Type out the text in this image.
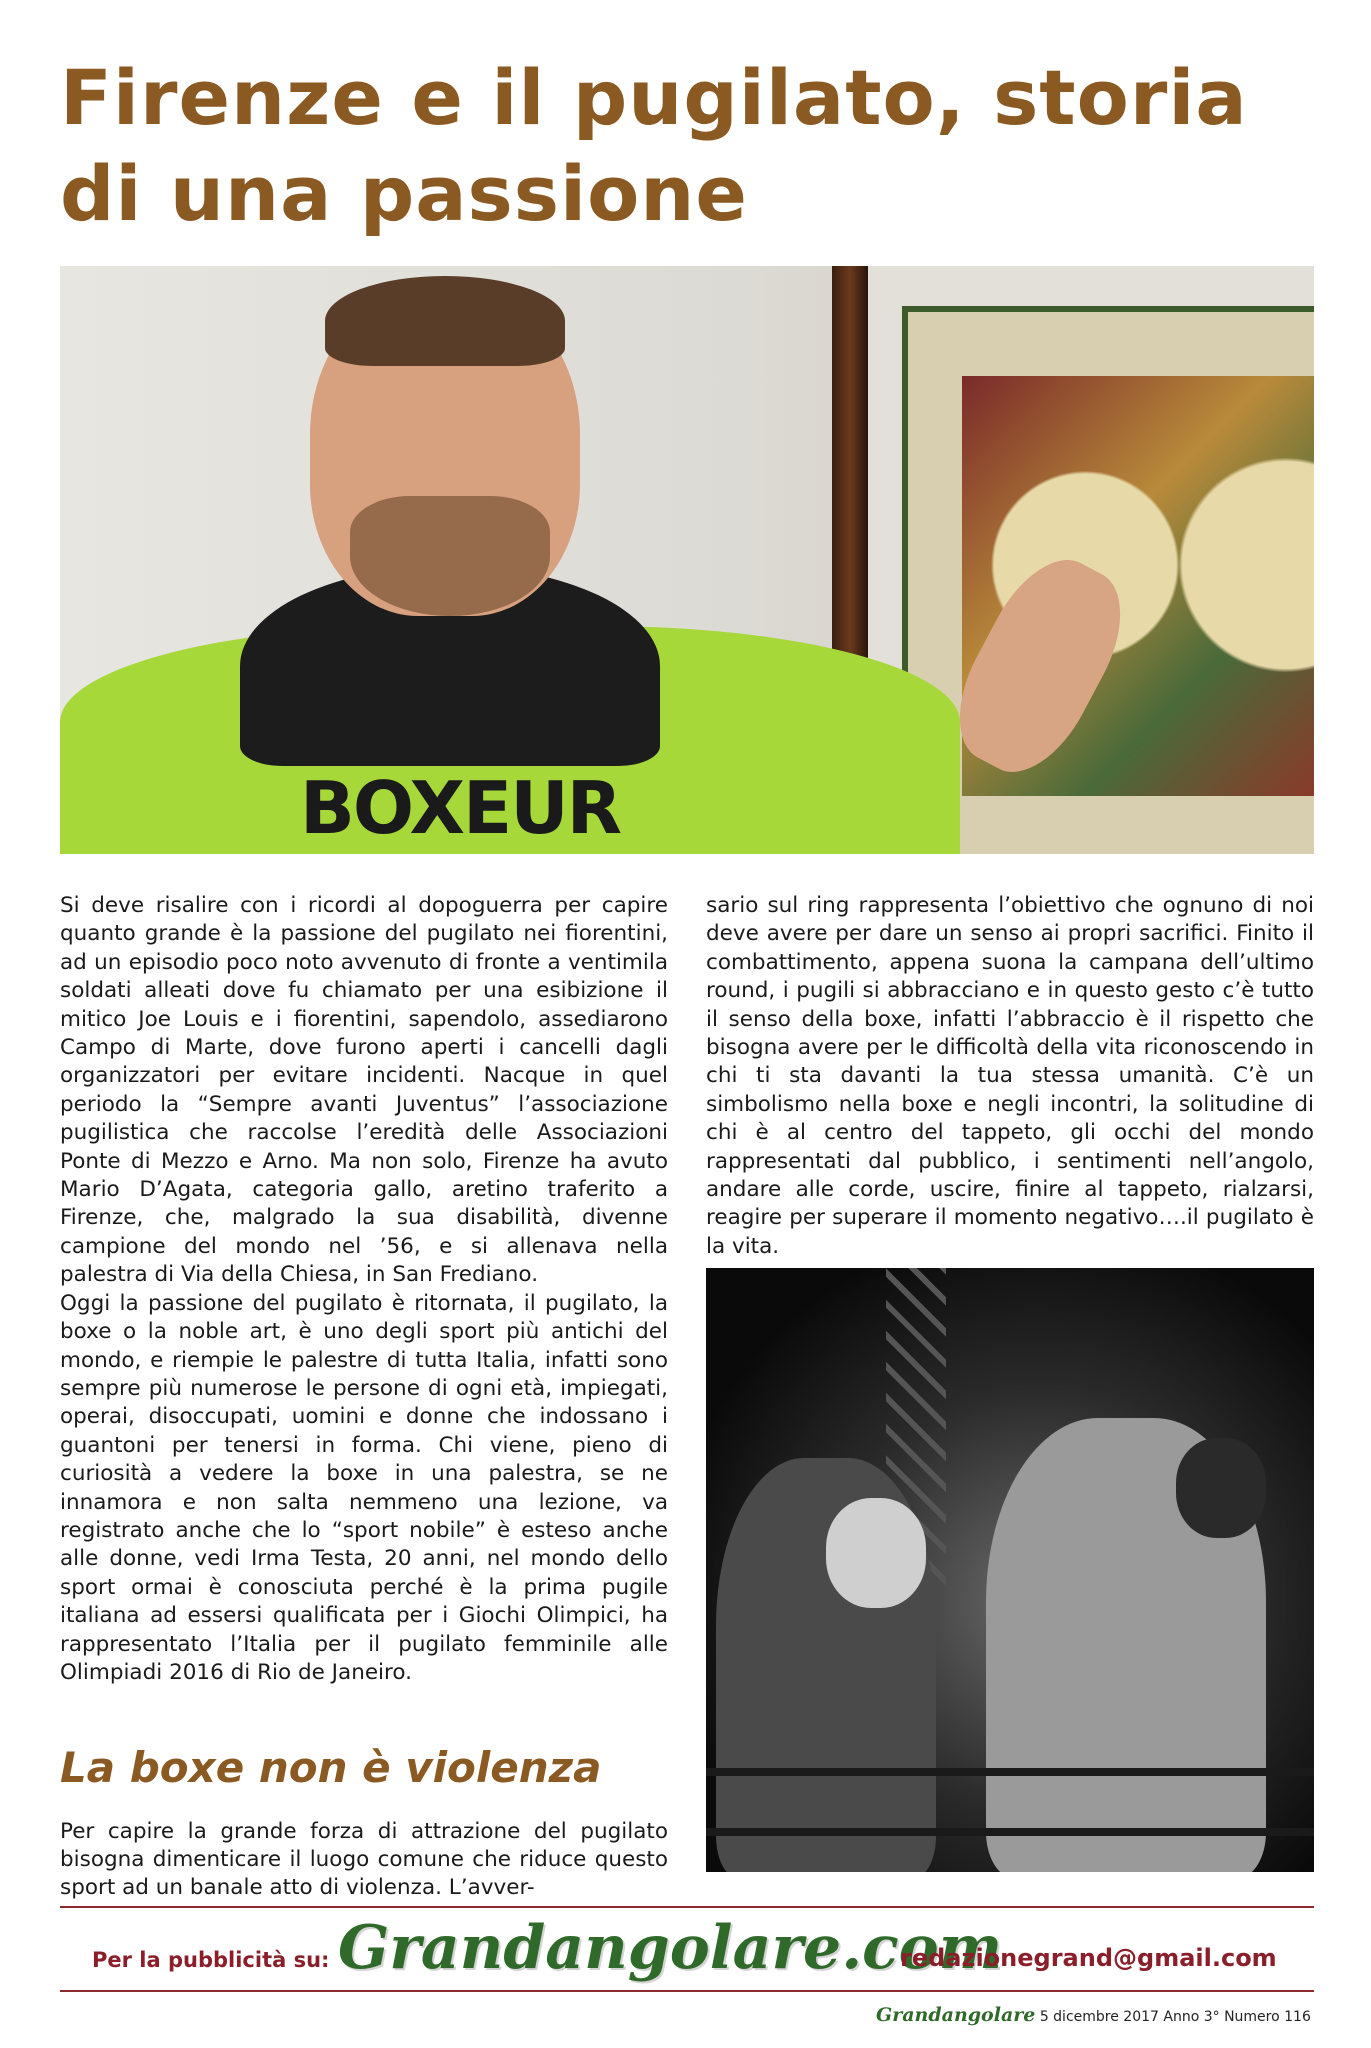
Firenze e il pugilato, storia di una passione

BOXEUR

Si deve risalire con i ricordi al dopoguerra per capire quanto grande è la passione del pugilato nei fiorentini, ad un episodio poco noto avvenuto di fronte a ventimila soldati alleati dove fu chiamato per una esibizione il mitico Joe Louis e i fiorentini, sapendolo, assediarono Campo di Marte, dove furono aperti i cancelli dagli organizzatori per evitare incidenti. Nacque in quel periodo la “Sempre avanti Juventus” l’associazione pugilistica che raccolse l’eredità delle Associazioni Ponte di Mezzo e Arno. Ma non solo, Firenze ha avuto Mario D’Agata, categoria gallo, aretino traferito a Firenze, che, malgrado la sua disabilità, divenne campione del mondo nel ’56, e si allenava nella palestra di Via della Chiesa, in San Frediano.

Oggi la passione del pugilato è ritornata, il pugilato, la boxe o la noble art, è uno degli sport più antichi del mondo, e riempie le palestre di tutta Italia, infatti sono sempre più numerose le persone di ogni età, impiegati, operai, disoccupati, uomini e donne che indossano i guantoni per tenersi in forma. Chi viene, pieno di curiosità a vedere la boxe in una palestra, se ne innamora e non salta nemmeno una lezione, va registrato anche che lo “sport nobile” è esteso anche alle donne, vedi Irma Testa, 20 anni, nel mondo dello sport ormai è conosciuta perché è la prima pugile italiana ad essersi qualificata per i Giochi Olimpici, ha rappresentato l’Italia per il pugilato femminile alle Olimpiadi 2016 di Rio de Janeiro.

La boxe non è violenza

Per capire la grande forza di attrazione del pugilato bisogna dimenticare il luogo comune che riduce questo sport ad un banale atto di violenza. L’avver-

sario sul ring rappresenta l’obiettivo che ognuno di noi deve avere per dare un senso ai propri sacrifici. Finito il combattimento, appena suona la campana dell’ultimo round, i pugili si abbracciano e in questo gesto c’è tutto il senso della boxe, infatti l’abbraccio è il rispetto che bisogna avere per le difficoltà della vita riconoscendo in chi ti sta davanti la tua stessa umanità. C’è un simbolismo nella boxe e negli incontri, la solitudine di chi è al centro del tappeto, gli occhi del mondo rappresentati dal pubblico, i sentimenti nell’angolo, andare alle corde, uscire, finire al tappeto, rialzarsi, reagire per superare il momento negativo….il pugilato è la vita.

Per la pubblicità su: Grandangolare.com

redazionegrand@gmail.com

Grandangolare 5 dicembre 2017 Anno 3° Numero 116
